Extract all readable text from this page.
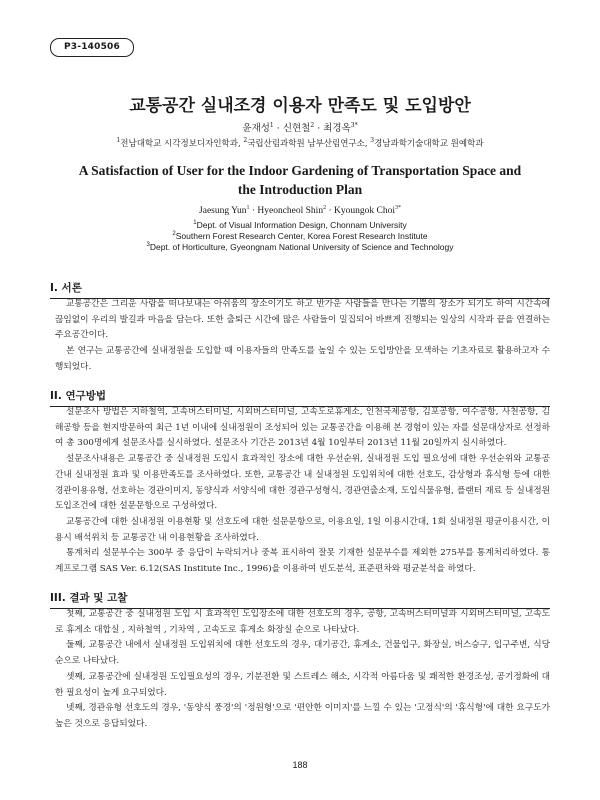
P3-140506
교통공간 실내조경 이용자 만족도 및 도입방안
윤재성$^1$ · 신현철$^2$ · 최경옥$^{3*}$
$^1$전남대학교 시각정보디자인학과, $^2$국립산림과학원 남부산림연구소, $^3$경남과학기술대학교 원예학과
A Satisfaction of User for the Indoor Gardening of Transportation Space and the Introduction Plan
Jaesung Yun$^1$ · Hyeoncheol Shin$^2$ · Kyoungok Choi$^{3*}$
$^1$Dept. of Visual Information Design, Chonnam University
$^2$Southern Forest Research Center, Korea Forest Research Institute
$^3$Dept. of Horticulture, Gyeongnam National University of Science and Technology
I. 서론

교통공간은 그리운 사람을 떠나보내는 아쉬움의 장소이기도 하고 반가운 사람들을 만나는 기쁨의 장소가 되기도 하여 시간속에 끊임없이 우리의 발길과 마음을 담는다. 또한 출퇴근 시간에 많은 사람들이 밀집되어 바쁘게 진행되는 일상의 시작과 끝을 연결하는 주요공간이다.

본 연구는 교통공간에 실내정원을 도입할 때 이용자들의 만족도를 높일 수 있는 도입방안을 모색하는 기초자료로 활용하고자 수행되었다.

II. 연구방법

설문조사 방법은 지하철역, 고속버스터미널, 시외버스터미널, 고속도로휴게소, 인천국제공항, 김포공항, 여수공항, 사천공항, 김해공항 등을 현지방문하여 최근 1년 이내에 실내정원이 조성되어 있는 교통공간을 이용해 본 경험이 있는 자를 설문대상자로 선정하여 총 300명에게 설문조사를 실시하였다. 설문조사 기간은 2013년 4월 10일부터 2013년 11월 20일까지 실시하였다.

설문조사내용은 교통공간 중 실내정원 도입시 효과적인 장소에 대한 우선순위, 실내정원 도입 필요성에 대한 우선순위와 교통공간내 실내정원 효과 및 이용만족도를 조사하였다. 또한, 교통공간 내 실내정원 도입위치에 대한 선호도, 감상형과 휴식형 등에 대한 경관이용유형, 선호하는 경관이미지, 동양식과 서양식에 대한 경관구성형식, 경관연출소재, 도입식물유형, 플랜터 재료 등 실내정원 도입조건에 대한 설문문항으로 구성하였다.

교통공간에 대한 실내정원 이용현황 및 선호도에 대한 설문문항으로, 이용요일, 1일 이용시간대, 1회 실내정원 평균이용시간, 이용시 배석위치 등 교통공간 내 이용현황을 조사하였다.

통계처리 설문부수는 300부 중 응답이 누락되거나 중복 표시하여 잘못 기재한 설문부수를 제외한 275부를 통계처리하였다. 통계프로그램 SAS Ver. 6.12(SAS Institute Inc., 1996)을 이용하여 빈도분석, 표준편차와 평균분석을 하였다.

III. 결과 및 고찰

첫째, 교통공간 중 실내정원 도입 시 효과적인 도입장소에 대한 선호도의 경우, 공항, 고속버스터미널과 시외버스터미널, 고속도로 휴게소 대합실 , 지하철역 , 기차역 , 고속도로 휴게소 화장실 순으로 나타났다.

둘째, 교통공간 내에서 실내정원 도입위치에 대한 선호도의 경우, 대기공간, 휴게소, 건물입구, 화장실, 버스승구, 입구주변, 식당 순으로 나타났다.

셋째, 교통공간에 실내정원 도입필요성의 경우, 기분전환 및 스트레스 해소, 시각적 아름다움 및 쾌적한 환경조성, 공기정화에 대한 필요성이 높게 요구되었다.

넷째, 경관유형 선호도의 경우, '동양식 풍경'의 '정원형'으로 '편안한 이미지'를 느낄 수 있는 '고정식'의 '휴식형'에 대한 요구도가 높은 것으로 응답되었다.

188
